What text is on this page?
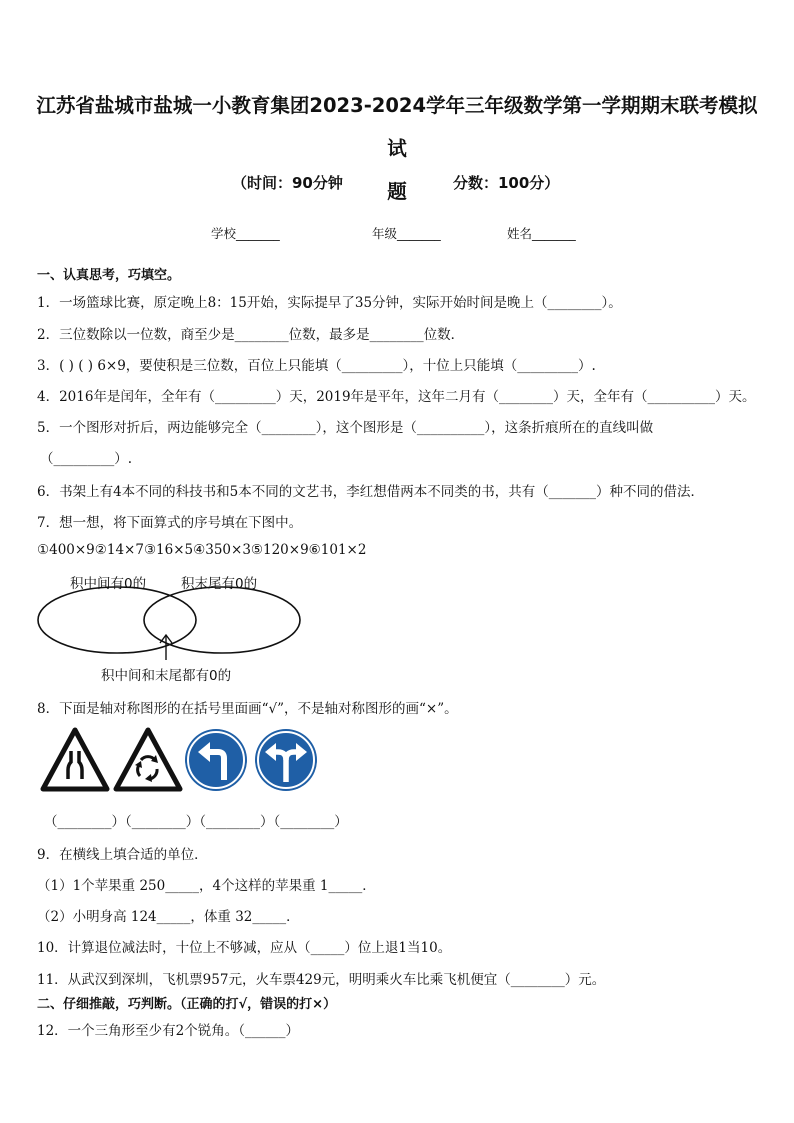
江苏省盐城市盐城一小教育集团2023-2024学年三年级数学第一学期期末联考模拟试
题
（时间：90分钟	分数：100分）
学校_______	年级_______	姓名_______
一、认真思考，巧填空。
1．一场篮球比赛，原定晚上8：15开始，实际提早了35分钟，实际开始时间是晚上（________）。
2．三位数除以一位数，商至少是________位数，最多是________位数．
3．( ) ( ) 6×9，要使积是三位数，百位上只能填（_________），十位上只能填（_________）.
4．2016年是闰年，全年有（_________）天，2019年是平年，这年二月有（________）天，全年有（__________）天。
5．一个图形对折后，两边能够完全（________），这个图形是（__________），这条折痕所在的直线叫做
（_________）.
6．书架上有4本不同的科技书和5本不同的文艺书，李红想借两本不同类的书，共有（_______）种不同的借法．
7．想一想，将下面算式的序号填在下图中。
①400×9②14×7③16×5④350×3⑤120×9⑥101×2
积中间有0的	积末尾有0的
积中间和末尾都有0的
8．下面是轴对称图形的在括号里面画“√”，不是轴对称图形的画“×”。
（________）（________）（________）（________）
9．在横线上填合适的单位．
（1）1个苹果重 250_____，4个这样的苹果重 1_____．
（2）小明身高 124_____，体重 32_____．
10．计算退位减法时，十位上不够减，应从（_____）位上退1当10。
11．从武汉到深圳，飞机票957元，火车票429元，明明乘火车比乘飞机便宜（________）元。
二、仔细推敲，巧判断。（正确的打√，错误的打×）
12．一个三角形至少有2个锐角。（______）
